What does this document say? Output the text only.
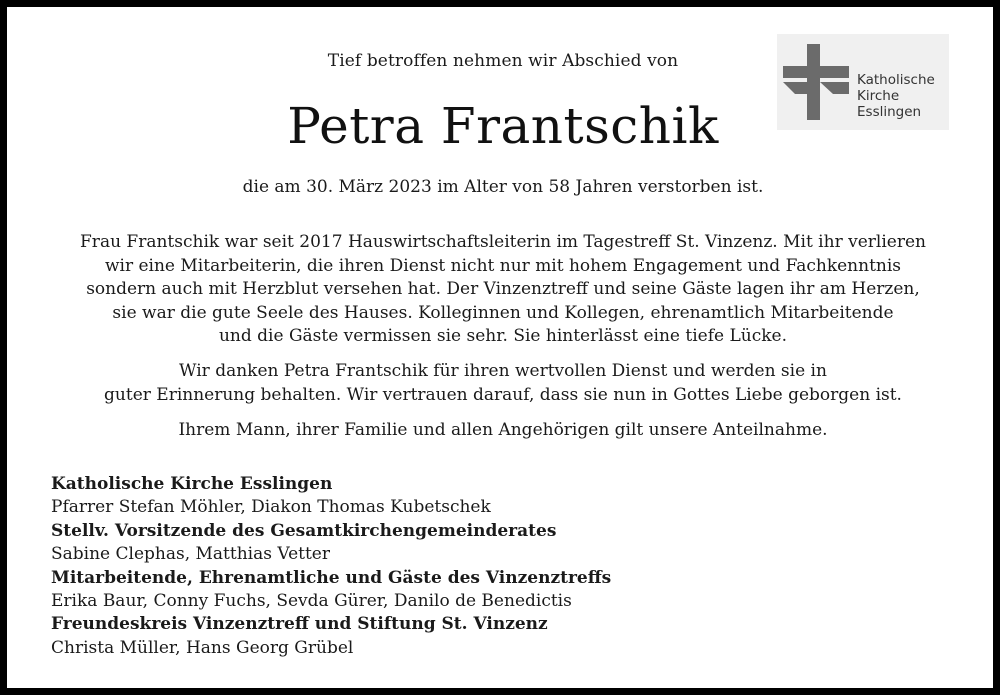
Katholische
Kirche
Esslingen
Tief betroffen nehmen wir Abschied von
Petra Frantschik
die am 30. März 2023 im Alter von 58 Jahren verstorben ist.
Frau Frantschik war seit 2017 Hauswirtschaftsleiterin im Tagestreff St. Vinzenz. Mit ihr verlieren
wir eine Mitarbeiterin, die ihren Dienst nicht nur mit hohem Engagement und Fachkenntnis
sondern auch mit Herzblut versehen hat. Der Vinzenztreff und seine Gäste lagen ihr am Herzen,
sie war die gute Seele des Hauses. Kolleginnen und Kollegen, ehrenamtlich Mitarbeitende
und die Gäste vermissen sie sehr. Sie hinterlässt eine tiefe Lücke.
Wir danken Petra Frantschik für ihren wertvollen Dienst und werden sie in
guter Erinnerung behalten. Wir vertrauen darauf, dass sie nun in Gottes Liebe geborgen ist.
Ihrem Mann, ihrer Familie und allen Angehörigen gilt unsere Anteilnahme.
Katholische Kirche Esslingen
Pfarrer Stefan Möhler, Diakon Thomas Kubetschek
Stellv. Vorsitzende des Gesamtkirchengemeinderates
Sabine Clephas, Matthias Vetter
Mitarbeitende, Ehrenamtliche und Gäste des Vinzenztreffs
Erika Baur, Conny Fuchs, Sevda Gürer, Danilo de Benedictis
Freundeskreis Vinzenztreff und Stiftung St. Vinzenz
Christa Müller, Hans Georg Grübel
